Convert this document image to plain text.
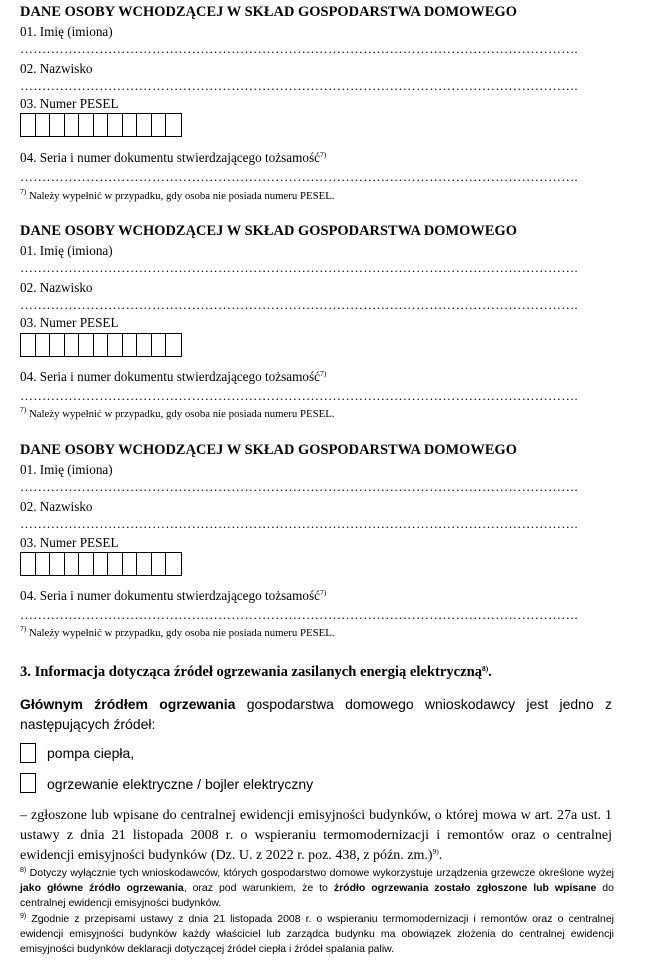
DANE OSOBY WCHODZĄCEJ W SKŁAD GOSPODARSTWA DOMOWEGO
01. Imię (imiona)
……………………………………………………………………………………………………………….
02. Nazwisko
……………………………………………………………………………………………………………….
03. Numer PESEL
04. Seria i numer dokumentu stwierdzającego tożsamość$^{7)}$
……………………………………………………………………………………………………………….
$^{7)}$ Należy wypełnić w przypadku, gdy osoba nie posiada numeru PESEL.
DANE OSOBY WCHODZĄCEJ W SKŁAD GOSPODARSTWA DOMOWEGO
01. Imię (imiona)
……………………………………………………………………………………………………………….
02. Nazwisko
……………………………………………………………………………………………………………….
03. Numer PESEL
04. Seria i numer dokumentu stwierdzającego tożsamość$^{7)}$
……………………………………………………………………………………………………………….
$^{7)}$ Należy wypełnić w przypadku, gdy osoba nie posiada numeru PESEL.
DANE OSOBY WCHODZĄCEJ W SKŁAD GOSPODARSTWA DOMOWEGO
01. Imię (imiona)
……………………………………………………………………………………………………………….
02. Nazwisko
……………………………………………………………………………………………………………….
03. Numer PESEL
04. Seria i numer dokumentu stwierdzającego tożsamość$^{7)}$
……………………………………………………………………………………………………………….
$^{7)}$ Należy wypełnić w przypadku, gdy osoba nie posiada numeru PESEL.
3. Informacja dotycząca źródeł ogrzewania zasilanych energią elektryczną$^{8)}$.
Głównym źródłem ogrzewania gospodarstwa domowego wnioskodawcy jest jedno z następujących źródeł:
pompa ciepła,
ogrzewanie elektryczne / bojler elektryczny
– zgłoszone lub wpisane do centralnej ewidencji emisyjności budynków, o której mowa w art. 27a ust. 1 ustawy z dnia 21 listopada 2008 r. o wspieraniu termomodernizacji i remontów oraz o centralnej ewidencji emisyjności budynków (Dz. U. z 2022 r. poz. 438, z późn. zm.)$^{9)}$.
$^{8)}$ Dotyczy wyłącznie tych wnioskodawców, których gospodarstwo domowe wykorzystuje urządzenia grzewcze określone wyżej jako główne źródło ogrzewania, oraz pod warunkiem, że to źródło ogrzewania zostało zgłoszone lub wpisane do centralnej ewidencji emisyjności budynków.
$^{9)}$ Zgodnie z przepisami ustawy z dnia 21 listopada 2008 r. o wspieraniu termomodernizacji i remontów oraz o centralnej ewidencji emisyjności budynków każdy właściciel lub zarządca budynku ma obowiązek złożenia do centralnej ewidencji emisyjności budynków deklaracji dotyczącej źródeł ciepła i źródeł spalania paliw.
